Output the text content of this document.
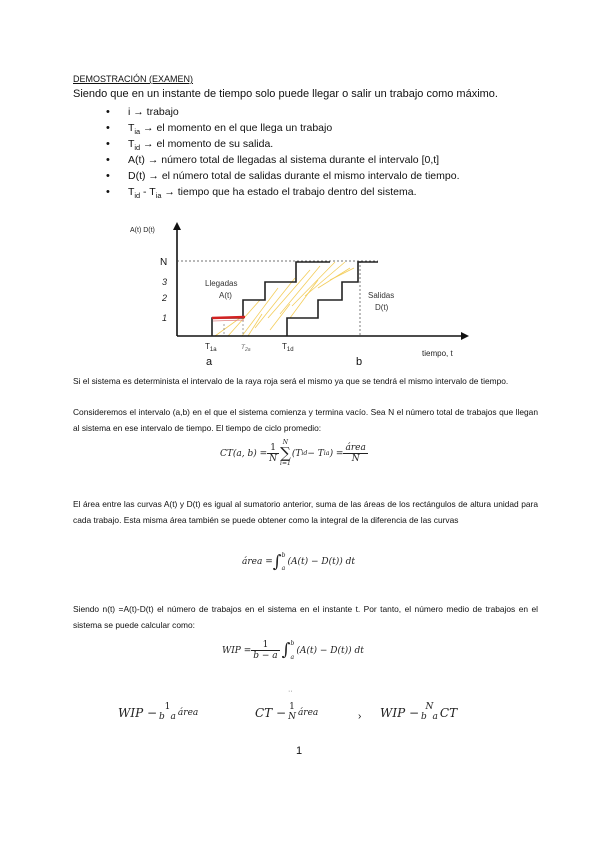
DEMOSTRACIÓN (EXAMEN)
Siendo que en un instante de tiempo solo puede llegar o salir un trabajo como máximo.
• i → trabajo
• $T_{ia}$ → el momento en el que llega un trabajo
• $T_{id}$ → el momento de su salida.
• A(t) → número total de llegadas al sistema durante el intervalo [0,t]
• D(t) → el número total de salidas durante el mismo intervalo de tiempo.
• $T_{id} - T_{ia}$ → tiempo que ha estado el trabajo dentro del sistema.
A(t) D(t)
N
3
2
1
Llegadas
A(t)	Salidas
D(t)
$T_{1a}$	$T_{2a}$	$T_{1d}$
a	b
tiempo, t
Si el sistema es determinista el intervalo de la raya roja será el mismo ya que se tendrá el mismo intervalo de tiempo.
Consideremos el intervalo (a,b) en el que el sistema comienza y termina vacío. Sea N el número total de trabajos que llegan al sistema en ese intervalo de tiempo. El tiempo de ciclo promedio:
CT(a, $b) = \frac{1}{N}$
N
∑
i=1
(T id − T ia ) = $\frac{\text{área}}{N}$
El área entre las curvas A(t) y D(t) es igual al sumatorio anterior, suma de las áreas de los rectángulos de altura unidad para cada trabajo. Esta misma área también se puede obtener como la integral de la diferencia de las curvas
área = ∫ b
a
(A(t) − D(t)) dt
Siendo n(t) =A(t)-D(t) el número de trabajos en el sistema en el instante t. Por tanto, el número medio de trabajos en el sistema se puede calcular como:
WIP = $\frac{1}{b - a}$ ∫ b
a
(A(t) − D(t)) dt
··
WIP − 1
b a área	CT − 1
N área	› WIP − N
b a CT
1
